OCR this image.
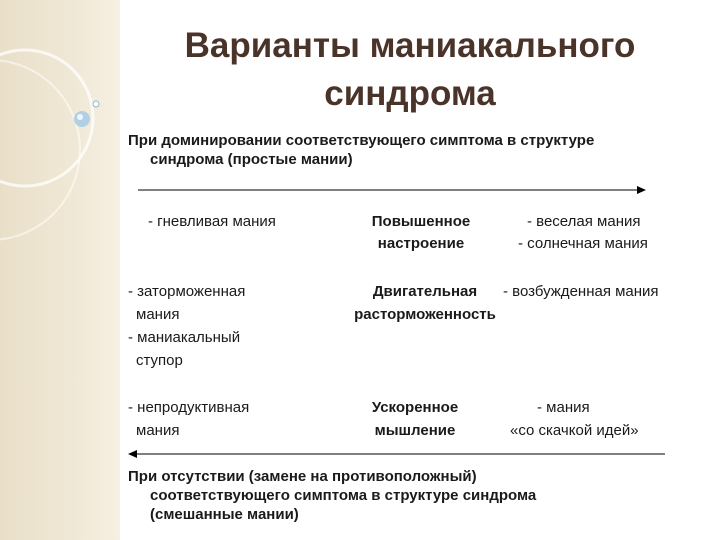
Варианты маниакального
синдрома
При доминировании соответствующего симптома в структуре
синдрома (простые мании)
- гневливая мания	Повышенное
настроение
- веселая мания
- солнечная мания
- заторможенная
мания
- маниакальный
ступор
Двигательная
расторможенность
- возбужденная мания
- непродуктивная
мания
Ускоренное
мышление
- мания
«со скачкой идей»
При отсутствии (замене на противоположный)
соответствующего симптома в структуре синдрома
(смешанные мании)
